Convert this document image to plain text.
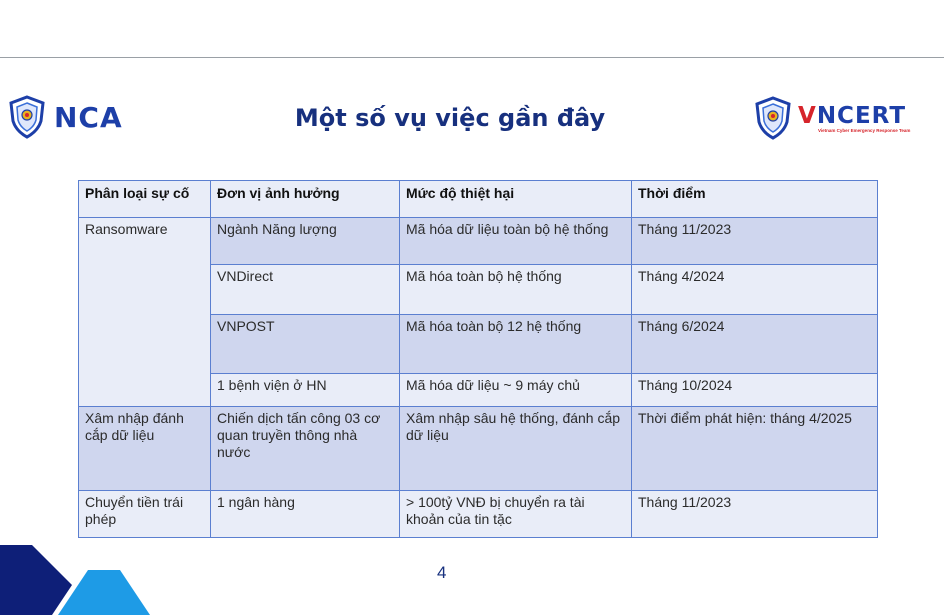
NCA	Một số vụ việc gần đây	VNCERT
Vietnam Cyber Emergency Response Team
Phân loại sự cố	Đơn vị ảnh hưởng	Mức độ thiệt hại	Thời điểm
Ransomware	Ngành Năng lượng	Mã hóa dữ liệu toàn bộ hệ thống	Tháng 11/2023
	VNDirect	Mã hóa toàn bộ hệ thống	Tháng 4/2024
	VNPOST	Mã hóa toàn bộ 12 hệ thống	Tháng 6/2024
	1 bệnh viện ở HN	Mã hóa dữ liệu ~ 9 máy chủ	Tháng 10/2024
Xâm nhập đánh cắp dữ liệu	Chiến dịch tấn công 03 cơ quan truyền thông nhà nước	Xâm nhập sâu hệ thống, đánh cắp dữ liệu	Thời điểm phát hiện: tháng 4/2025
Chuyển tiền trái phép	1 ngân hàng	> 100tỷ VNĐ bị chuyển ra tài khoản của tin tặc	Tháng 11/2023
4
